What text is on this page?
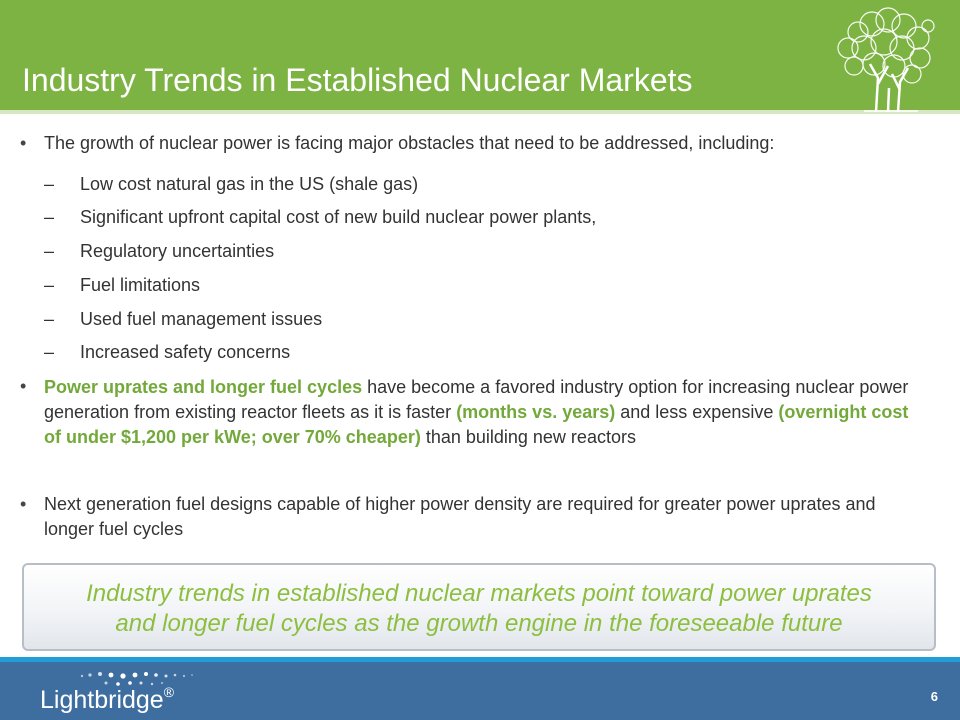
Industry Trends in Established Nuclear Markets
• The growth of nuclear power is facing major obstacles that need to be addressed, including:
– Low cost natural gas in the US (shale gas)
– Significant upfront capital cost of new build nuclear power plants,
– Regulatory uncertainties
– Fuel limitations
– Used fuel management issues
– Increased safety concerns
• Power uprates and longer fuel cycles have become a favored industry option for increasing nuclear power generation from existing reactor fleets as it is faster (months vs. years) and less expensive (overnight cost of under $1,200 per kWe; over 70% cheaper) than building new reactors
• Next generation fuel designs capable of higher power density are required for greater power uprates and longer fuel cycles
Industry trends in established nuclear markets point toward power uprates
and longer fuel cycles as the growth engine in the foreseeable future
Lightbridge®	6
